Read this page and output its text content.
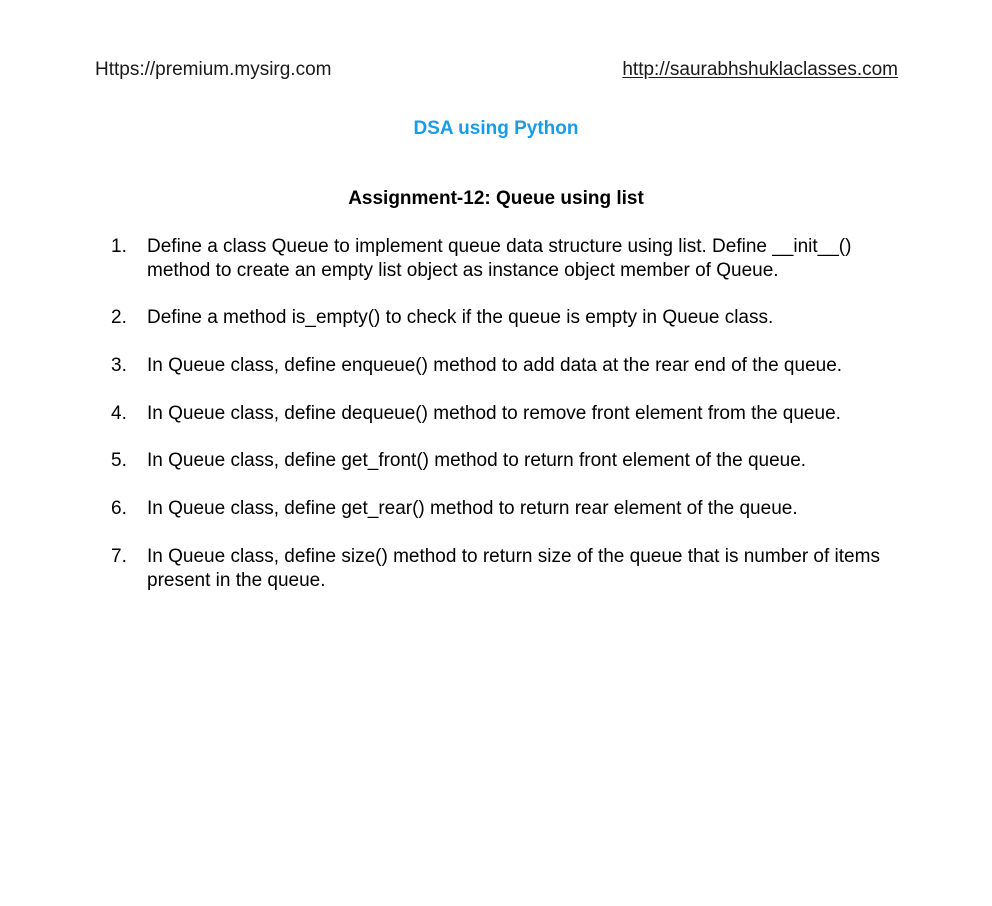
Https://premium.mysirg.com	http://saurabhshuklaclasses.com
DSA using Python
Assignment-12: Queue using list
1.	Define a class Queue to implement queue data structure using list. Define __init__() method to create an empty list object as instance object member of Queue.
2.	Define a method is_empty() to check if the queue is empty in Queue class.
3.	In Queue class, define enqueue() method to add data at the rear end of the queue.
4.	In Queue class, define dequeue() method to remove front element from the queue.
5.	In Queue class, define get_front() method to return front element of the queue.
6.	In Queue class, define get_rear() method to return rear element of the queue.
7.	In Queue class, define size() method to return size of the queue that is number of items present in the queue.
